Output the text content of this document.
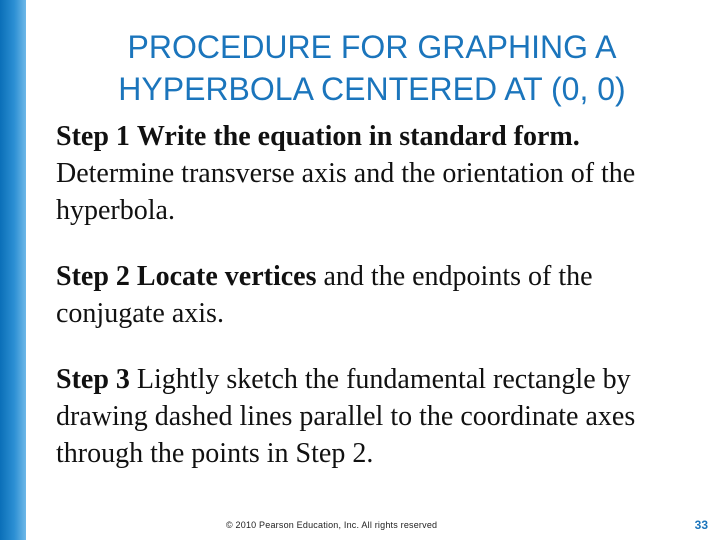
PROCEDURE FOR GRAPHING A
HYPERBOLA CENTERED AT (0, 0)

Step 1 Write the equation in standard form. Determine transverse axis and the orientation of the hyperbola.

Step 2 Locate vertices and the endpoints of the conjugate axis.

Step 3 Lightly sketch the fundamental rectangle by drawing dashed lines parallel to the coordinate axes through the points in Step 2.

© 2010 Pearson Education, Inc. All rights reserved	33
